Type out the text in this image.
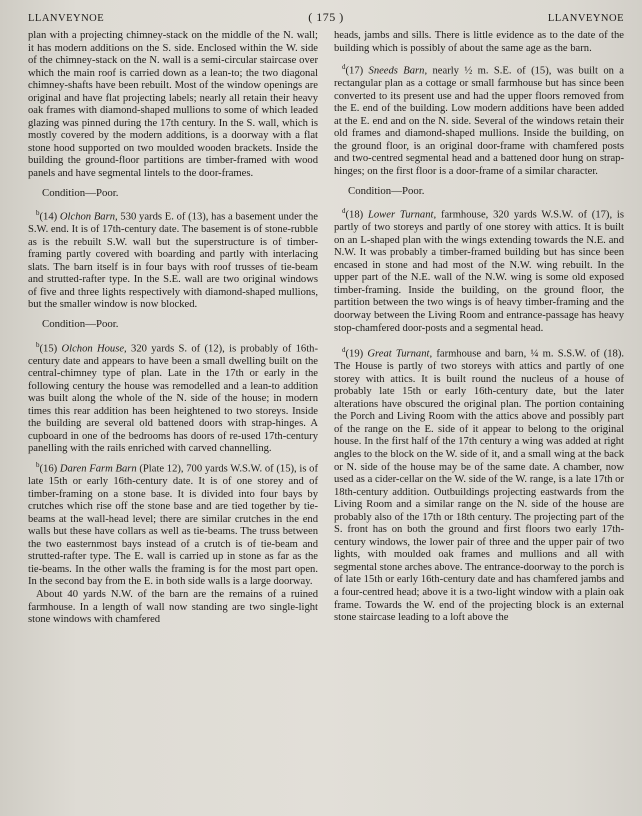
LLANVEYNOE	( 175 )	LLANVEYNOE

plan with a projecting chimney-stack on the middle of the N. wall; it has modern additions on the S. side. Enclosed within the W. side of the chimney-stack on the N. wall is a semi-circular staircase over which the main roof is carried down as a lean-to; the two diagonal chimney-shafts have been rebuilt. Most of the window openings are original and have flat projecting labels; nearly all retain their heavy oak frames with diamond-shaped mullions to some of which leaded glazing was pinned during the 17th century. In the S. wall, which is mostly covered by the modern additions, is a doorway with a flat stone hood supported on two moulded wooden brackets. Inside the building the ground-floor partitions are timber-framed with wood panels and have segmental lintels to the door-frames.

Condition—Poor.

$^b$(14) Olchon Barn, 530 yards E. of (13), has a basement under the S.W. end. It is of 17th-century date. The basement is of stone-rubble as is the rebuilt S.W. wall but the superstructure is of timber-framing partly covered with boarding and partly with interlacing slats. The barn itself is in four bays with roof trusses of tie-beam and strutted-rafter type. In the S.E. wall are two original windows of five and three lights respectively with diamond-shaped mullions, but the smaller window is now blocked.

Condition—Poor.

$^b$(15) Olchon House, 320 yards S. of (12), is probably of 16th-century date and appears to have been a small dwelling built on the central-chimney type of plan. Late in the 17th or early in the following century the house was remodelled and a lean-to addition was built along the whole of the N. side of the house; in modern times this rear addition has been heightened to two storeys. Inside the building are several old battened doors with strap-hinges. A cupboard in one of the bedrooms has doors of re-used 17th-century panelling with the rails enriched with carved channelling.

$^b$(16) Daren Farm Barn (Plate 12), 700 yards W.S.W. of (15), is of late 15th or early 16th-century date. It is of one storey and of timber-framing on a stone base. It is divided into four bays by crutches which rise off the stone base and are tied together by tie-beams at the wall-head level; there are similar crutches in the end walls but these have collars as well as tie-beams. The truss between the two easternmost bays instead of a crutch is of tie-beam and strutted-rafter type. The E. wall is carried up in stone as far as the tie-beams. In the other walls the framing is for the most part open. In the second bay from the E. in both side walls is a large doorway.

About 40 yards N.W. of the barn are the remains of a ruined farmhouse. In a length of wall now standing are two single-light stone windows with chamfered

heads, jambs and sills. There is little evidence as to the date of the building which is possibly of about the same age as the barn.

$^d$(17) Sneeds Barn, nearly ½ m. S.E. of (15), was built on a rectangular plan as a cottage or small farmhouse but has since been converted to its present use and had the upper floors removed from the E. end of the building. Low modern additions have been added at the E. end and on the N. side. Several of the windows retain their old frames and diamond-shaped mullions. Inside the building, on the ground floor, is an original door-frame with chamfered posts and two-centred segmental head and a battened door hung on strap-hinges; on the first floor is a door-frame of a similar character.

Condition—Poor.

$^d$(18) Lower Turnant, farmhouse, 320 yards W.S.W. of (17), is partly of two storeys and partly of one storey with attics. It is built on an L-shaped plan with the wings extending towards the N.E. and N.W. It was probably a timber-framed building but has since been encased in stone and had most of the N.W. wing rebuilt. In the upper part of the N.E. wall of the N.W. wing is some old exposed timber-framing. Inside the building, on the ground floor, the partition between the two wings is of heavy timber-framing and the doorway between the Living Room and entrance-passage has heavy stop-chamfered door-posts and a segmental head.

$^d$(19) Great Turnant, farmhouse and barn, ¼ m. S.S.W. of (18). The House is partly of two storeys with attics and partly of one storey with attics. It is built round the nucleus of a house of probably late 15th or early 16th-century date, but the later alterations have obscured the original plan. The portion containing the Porch and Living Room with the attics above and possibly part of the range on the E. side of it appear to belong to the original house. In the first half of the 17th century a wing was added at right angles to the block on the W. side of it, and a small wing at the back or N. side of the house may be of the same date. A chamber, now used as a cider-cellar on the W. side of the W. range, is a late 17th or 18th-century addition. Outbuildings projecting eastwards from the Living Room and a similar range on the N. side of the house are probably also of the 17th or 18th century. The projecting part of the S. front has on both the ground and first floors two early 17th-century windows, the lower pair of three and the upper pair of two lights, with moulded oak frames and mullions and all with segmental stone arches above. The entrance-doorway to the porch is of late 15th or early 16th-century date and has chamfered jambs and a four-centred head; above it is a two-light window with a plain oak frame. Towards the W. end of the projecting block is an external stone staircase leading to a loft above the
